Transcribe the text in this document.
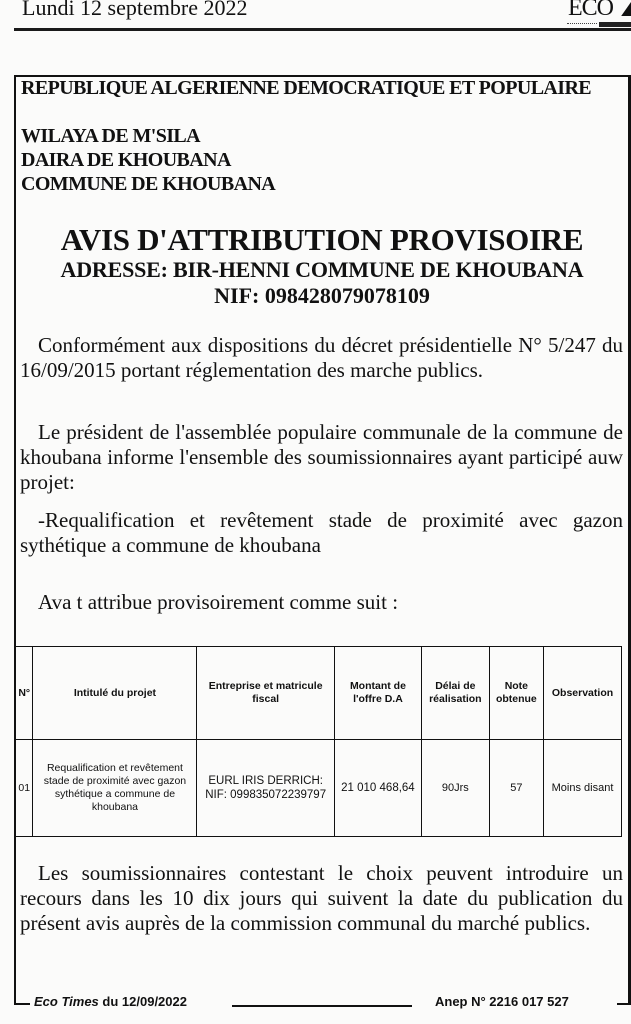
Lundi 12 septembre 2022	ECO
REPUBLIQUE ALGERIENNE DEMOCRATIQUE ET POPULAIRE
WILAYA DE M'SILA
DAIRA DE KHOUBANA
COMMUNE DE KHOUBANA
AVIS D'ATTRIBUTION PROVISOIRE
ADRESSE: BIR-HENNI COMMUNE DE KHOUBANA
NIF: 098428079078109
Conformément aux dispositions du décret présidentielle N° 5/247 du 16/09/2015 portant réglementation des marche publics.
Le président de l'assemblée populaire communale de la commune de khoubana informe l'ensemble des soumissionnaires ayant participé auw projet:
-Requalification et revêtement stade de proximité avec gazon sythétique a commune de khoubana
Ava t attribue provisoirement comme suit :
N°	Intitulé du projet	Entreprise et matricule fiscal	Montant de l'offre D.A	Délai de réalisation	Note obtenue	Observation
01	Requalification et revêtement stade de proximité avec gazon sythétique a commune de khoubana	EURL IRIS DERRICH: NIF: 099835072239797	21 010 468,64	90Jrs	57	Moins disant
Les soumissionnaires contestant le choix peuvent introduire un recours dans les 10 dix jours qui suivent la date du publication du présent avis auprès de la commission communal du marché publics.
Eco Times du 12/09/2022	Anep N° 2216 017 527
